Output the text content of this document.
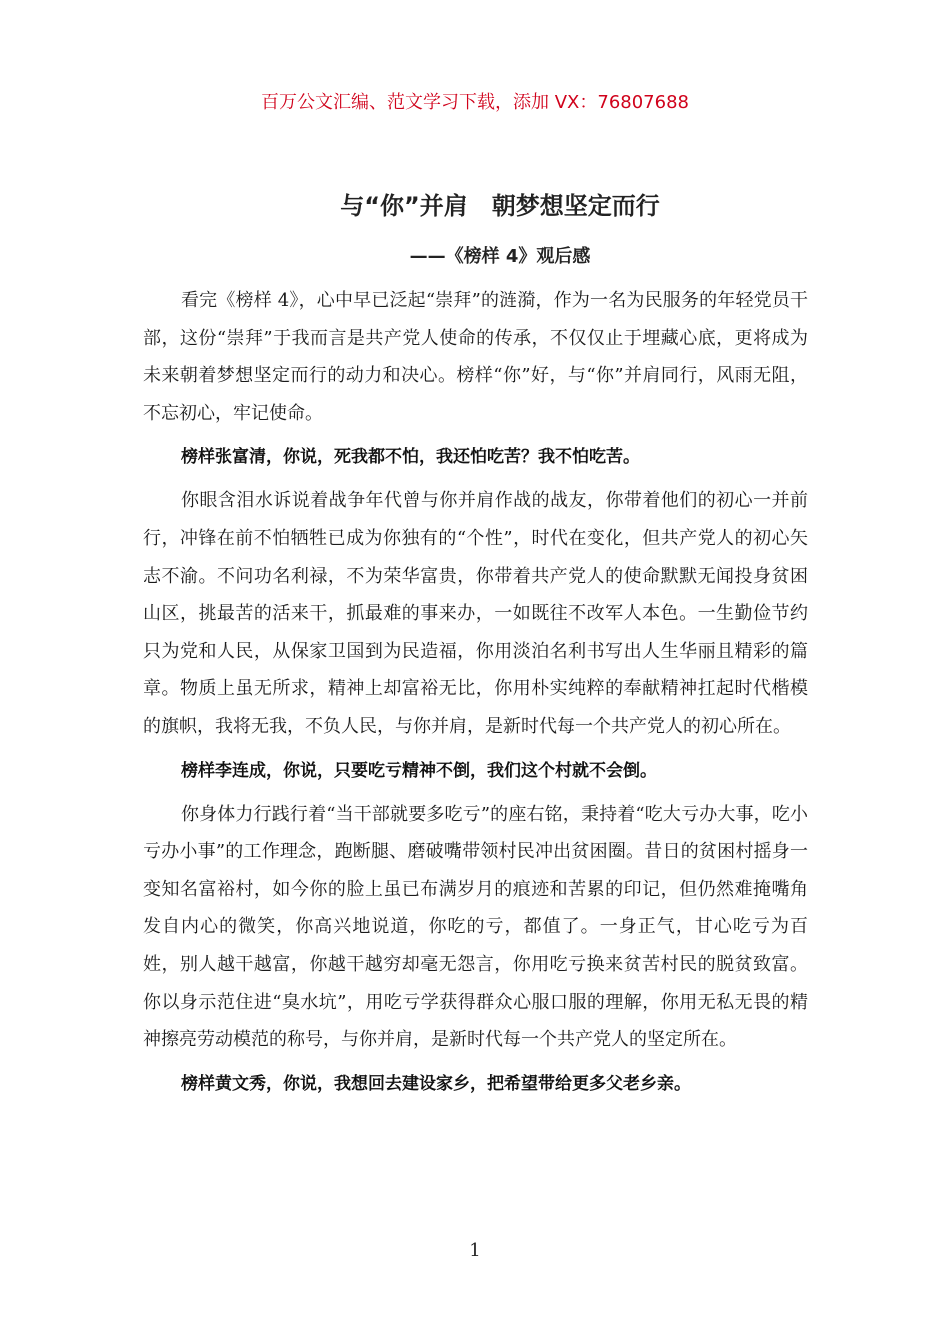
百万公文汇编、范文学习下载，添加 VX：76807688
与“你”并肩　朝梦想坚定而行
——《榜样 4》观后感

看完《榜样 4》，心中早已泛起“崇拜”的涟漪，作为一名为民服务的年轻党员干部，这份“崇拜”于我而言是共产党人使命的传承，不仅仅止于埋藏心底，更将成为未来朝着梦想坚定而行的动力和决心。榜样“你”好，与“你”并肩同行，风雨无阻，不忘初心，牢记使命。

榜样张富清，你说，死我都不怕，我还怕吃苦？我不怕吃苦。

你眼含泪水诉说着战争年代曾与你并肩作战的战友，你带着他们的初心一并前行，冲锋在前不怕牺牲已成为你独有的“个性”，时代在变化，但共产党人的初心矢志不渝。不问功名利禄，不为荣华富贵，你带着共产党人的使命默默无闻投身贫困山区，挑最苦的活来干，抓最难的事来办，一如既往不改军人本色。一生勤俭节约只为党和人民，从保家卫国到为民造福，你用淡泊名利书写出人生华丽且精彩的篇章。物质上虽无所求，精神上却富裕无比，你用朴实纯粹的奉献精神扛起时代楷模的旗帜，我将无我，不负人民，与你并肩，是新时代每一个共产党人的初心所在。

榜样李连成，你说，只要吃亏精神不倒，我们这个村就不会倒。

你身体力行践行着“当干部就要多吃亏”的座右铭，秉持着“吃大亏办大事，吃小亏办小事”的工作理念，跑断腿、磨破嘴带领村民冲出贫困圈。昔日的贫困村摇身一变知名富裕村，如今你的脸上虽已布满岁月的痕迹和苦累的印记，但仍然难掩嘴角发自内心的微笑，你高兴地说道，你吃的亏，都值了。一身正气，甘心吃亏为百姓，别人越干越富，你越干越穷却毫无怨言，你用吃亏换来贫苦村民的脱贫致富。你以身示范住进“臭水坑”，用吃亏学获得群众心服口服的理解，你用无私无畏的精神擦亮劳动模范的称号，与你并肩，是新时代每一个共产党人的坚定所在。

榜样黄文秀，你说，我想回去建设家乡，把希望带给更多父老乡亲。

1
